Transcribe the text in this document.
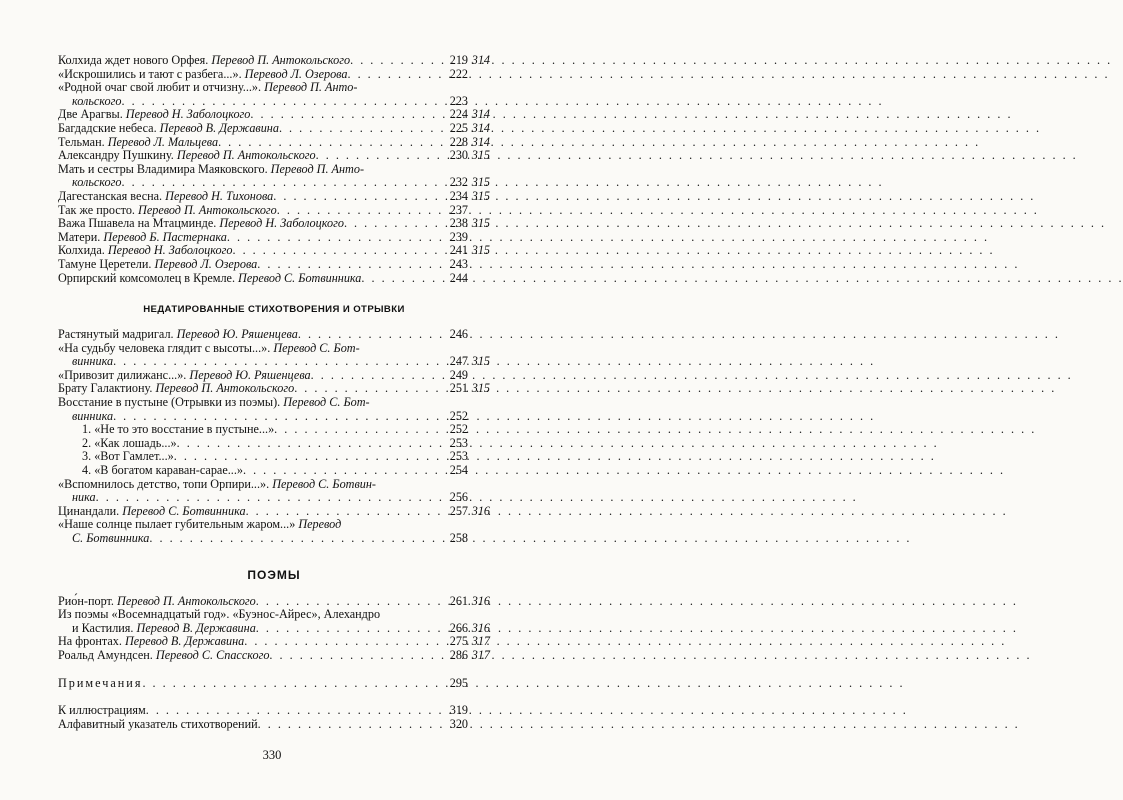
Колхида ждет нового Орфея. Перевод П. Антокольского . . .	219 314
«Искрошились и тают с разбега...». Перевод Л. Озерова . . .	222
«Родной очаг свой любит и отчизну...». Перевод П. Анто-
кольского . . .	223
Две Арагвы. Перевод Н. Заболоцкого . . .	224 314
Багдадские небеса. Перевод В. Державина . . .	225 314
Тельман. Перевод Л. Мальцева . . .	228 314
Александру Пушкину. Перевод П. Антокольского . . .	230 315
Мать и сестры Владимира Маяковского. Перевод П. Анто-
кольского . . .	232 315
Дагестанская весна. Перевод Н. Тихонова . . .	234 315
Так же просто. Перевод П. Антокольского . . .	237
Важа Пшавела на Мтацминде. Перевод Н. Заболоцкого . . .	238 315
Матери. Перевод Б. Пастернака . . .	239
Колхида. Перевод Н. Заболоцкого . . .	241 315
Тамуне Церетели. Перевод Л. Озерова . . .	243
Орпирский комсомолец в Кремле. Перевод С. Ботвинника . . .	244
НЕДАТИРОВАННЫЕ СТИХОТВОРЕНИЯ И ОТРЫВКИ
Растянутый мадригал. Перевод Ю. Ряшенцева . . .	246
«На судьбу человека глядит с высоты...». Перевод С. Бот-
винника . . .	247 315
«Привозит дилижанс...». Перевод Ю. Ряшенцева . . .	249
Брату Галактиону. Перевод П. Антокольского . . .	251 315
Восстание в пустыне (Отрывки из поэмы). Перевод С. Бот-
винника . . .	252
1. «Не то это восстание в пустыне...» . . .	252
2. «Как лошадь...» . . .	253
3. «Вот Гамлет...» . . .	253
4. «В богатом караван-сарае...» . . .	254
«Вспомнилось детство, топи Орпири...». Перевод С. Ботвин-
ника . . .	256
Цинандали. Перевод С. Ботвинника . . .	257 316
«Наше солнце пылает губительным жаром...» Перевод
С. Ботвинника . . .	258
ПОЭМЫ
Рио́н-порт. Перевод П. Антокольского . . .	261 316
Из поэмы «Восемнадцатый год». «Буэнос-Айрес», Алехандро
и Кастилия. Перевод В. Державина . . .	266 316
На фронтах. Перевод В. Державина . . .	275 317
Роальд Амундсен. Перевод С. Спасского . . .	286 317
Примечания . . .	295
К иллюстрациям . . .	319
Алфавитный указатель стихотворений . . .	320
330
